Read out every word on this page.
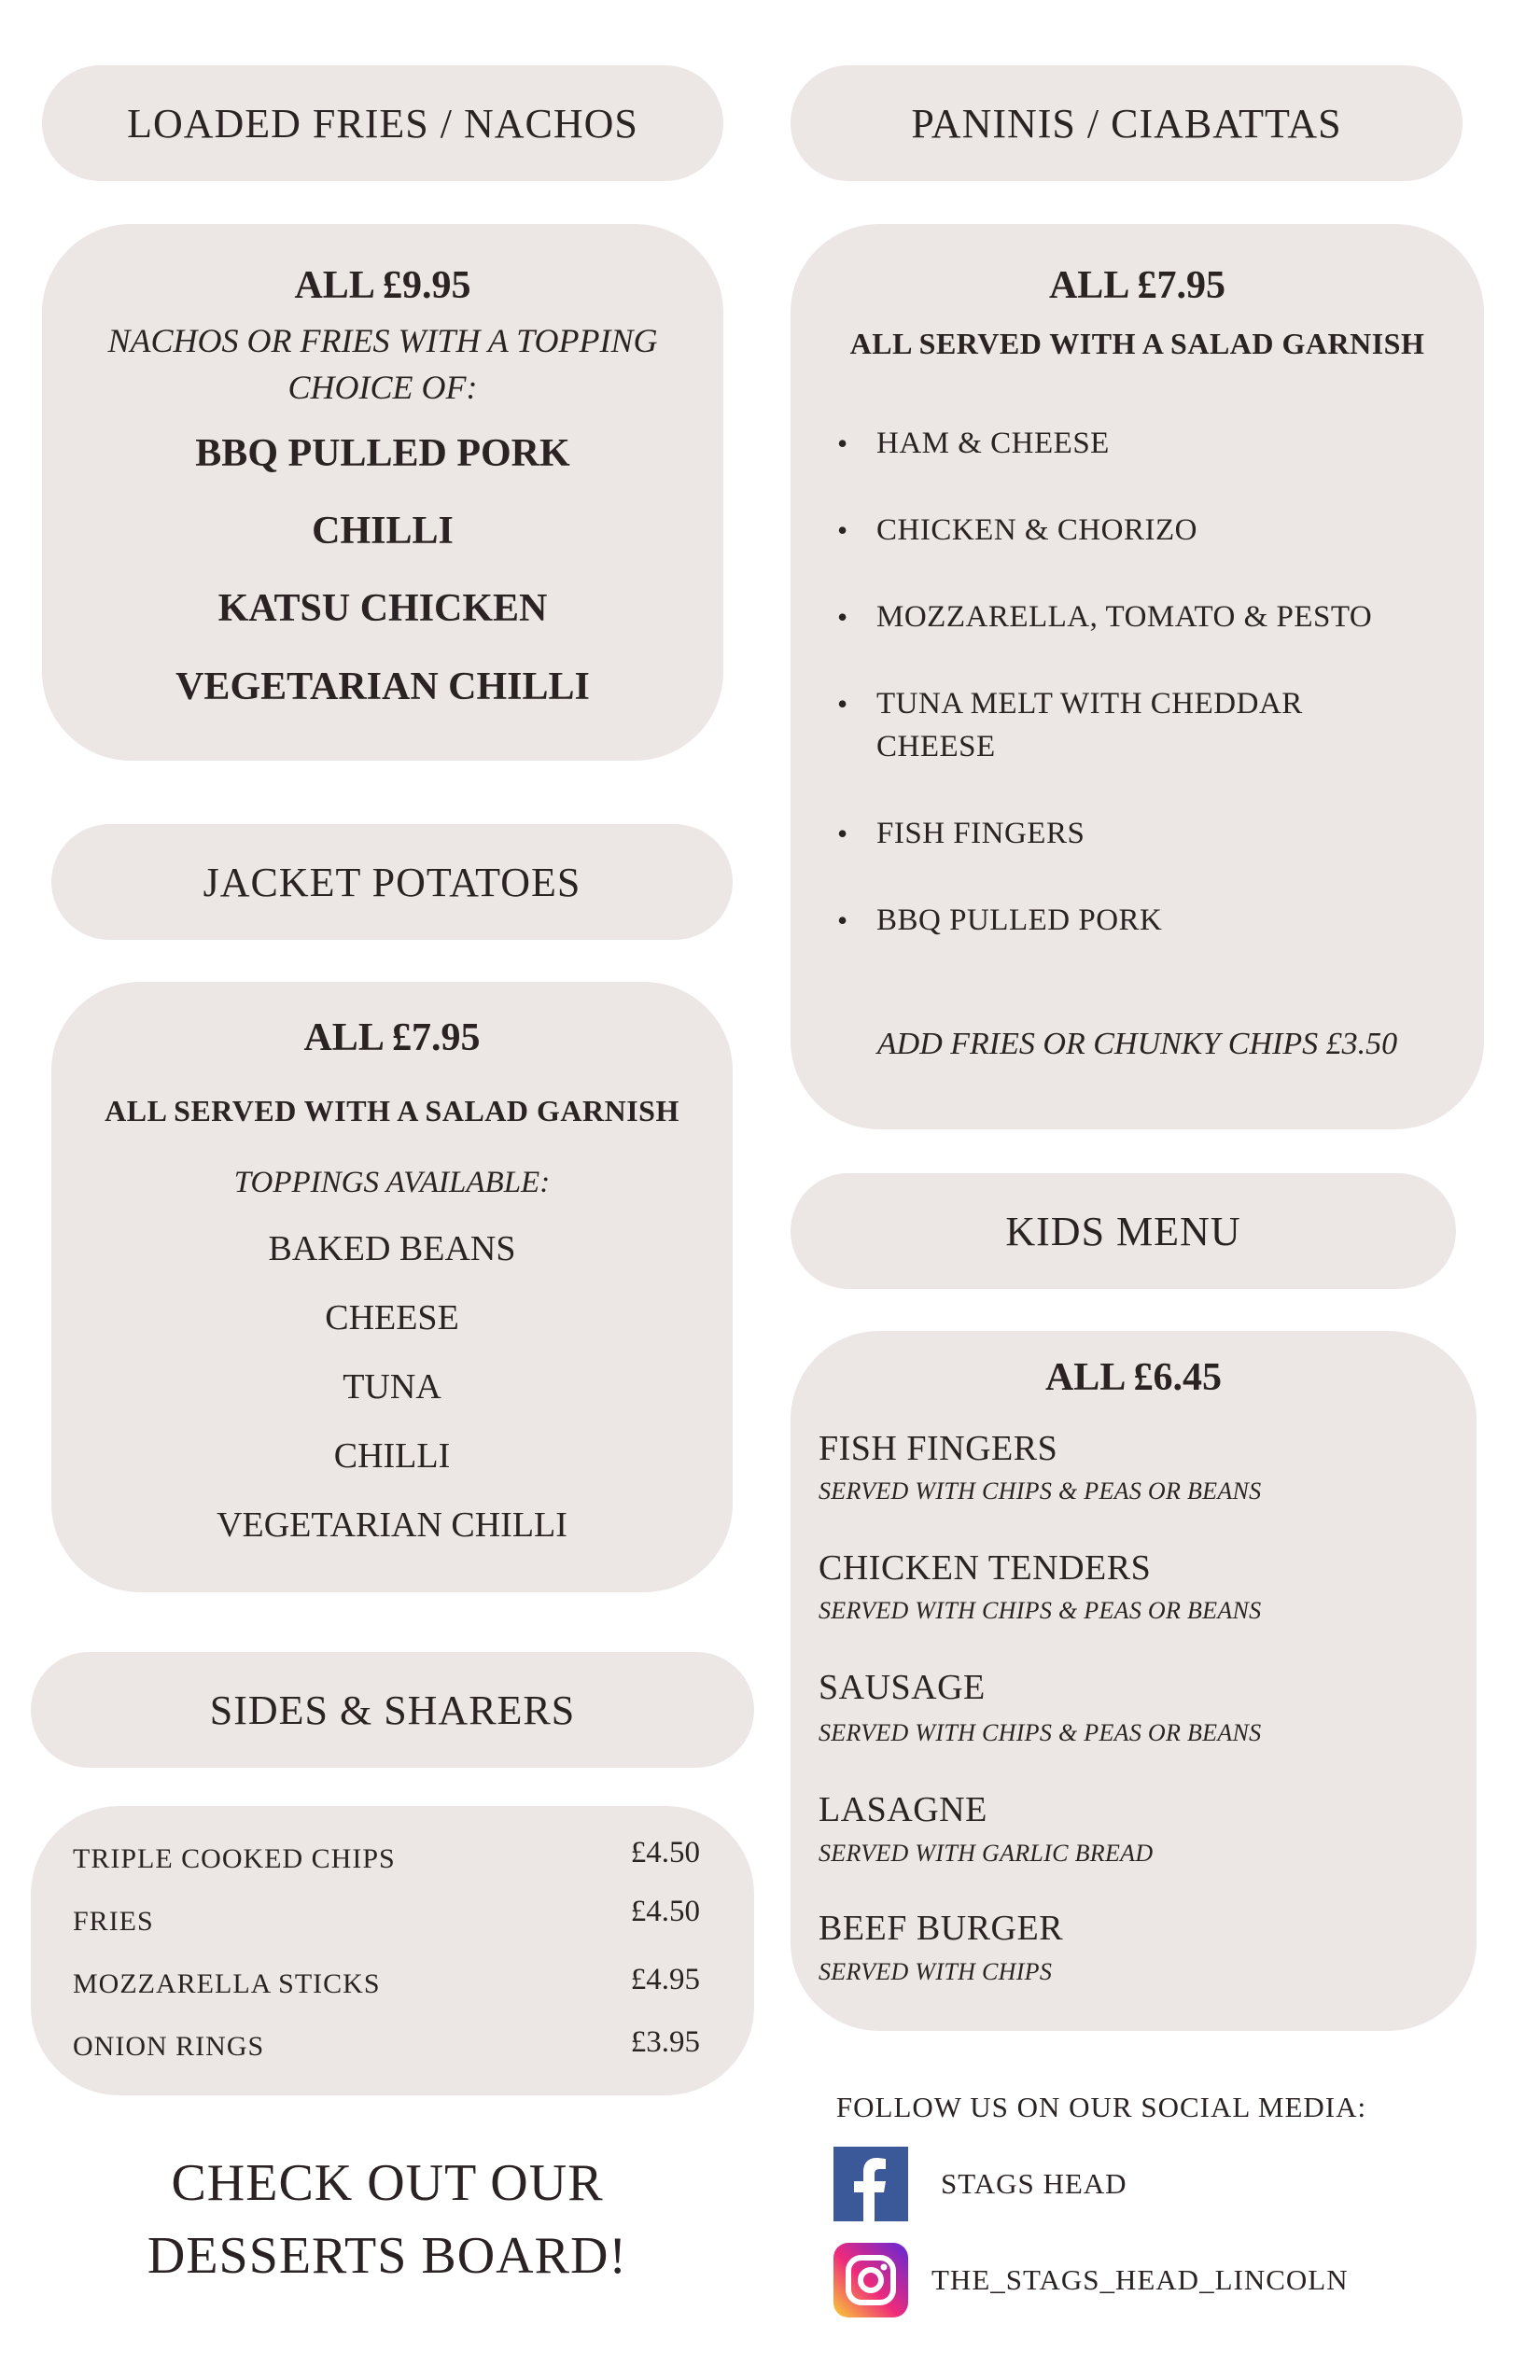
LOADED FRIES / NACHOS
ALL £9.95
NACHOS OR FRIES WITH A TOPPING CHOICE OF:
BBQ PULLED PORK
CHILLI
KATSU CHICKEN
VEGETARIAN CHILLI
PANINIS / CIABATTAS
ALL £7.95
ALL SERVED WITH A SALAD GARNISH
• HAM & CHEESE
• CHICKEN & CHORIZO
• MOZZARELLA, TOMATO & PESTO
• TUNA MELT WITH CHEDDAR CHEESE
• FISH FINGERS
• BBQ PULLED PORK
ADD FRIES OR CHUNKY CHIPS £3.50
JACKET POTATOES
ALL £7.95
ALL SERVED WITH A SALAD GARNISH
TOPPINGS AVAILABLE:
BAKED BEANS
CHEESE
TUNA
CHILLI
VEGETARIAN CHILLI
KIDS MENU
ALL £6.45
FISH FINGERS
SERVED WITH CHIPS & PEAS OR BEANS
CHICKEN TENDERS
SERVED WITH CHIPS & PEAS OR BEANS
SAUSAGE
SERVED WITH CHIPS & PEAS OR BEANS
LASAGNE
SERVED WITH GARLIC BREAD
BEEF BURGER
SERVED WITH CHIPS
SIDES & SHARERS
TRIPLE COOKED CHIPS	£4.50
FRIES	£4.50
MOZZARELLA STICKS	£4.95
ONION RINGS	£3.95
CHECK OUT OUR
DESSERTS BOARD!
FOLLOW US ON OUR SOCIAL MEDIA:
STAGS HEAD
THE_STAGS_HEAD_LINCOLN
